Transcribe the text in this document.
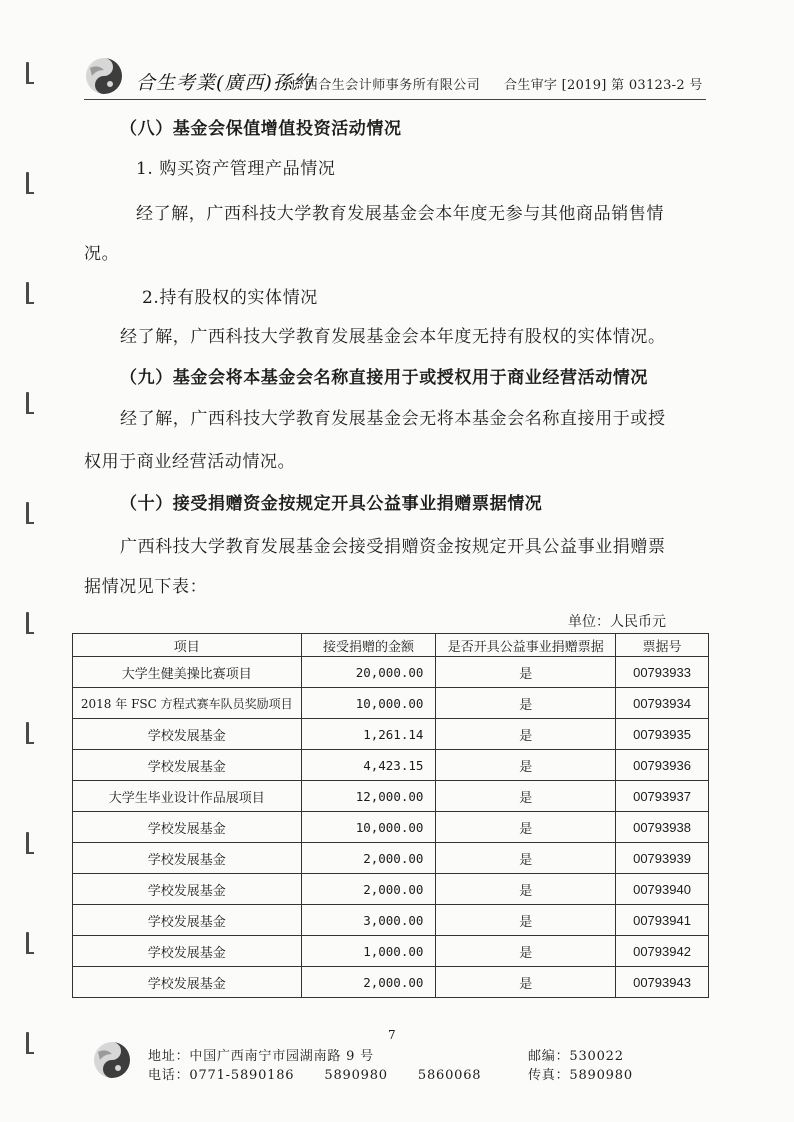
合生考業(廣西)孫約
· 广西合生会计师事务所有限公司 合生审字 [2019] 第 03123-2 号
（八）基金会保值增值投资活动情况
1. 购买资产管理产品情况
经了解，广西科技大学教育发展基金会本年度无参与其他商品销售情
况。
2.持有股权的实体情况
经了解，广西科技大学教育发展基金会本年度无持有股权的实体情况。
（九）基金会将本基金会名称直接用于或授权用于商业经营活动情况
经了解，广西科技大学教育发展基金会无将本基金会名称直接用于或授
权用于商业经营活动情况。
（十）接受捐赠资金按规定开具公益事业捐赠票据情况
广西科技大学教育发展基金会接受捐赠资金按规定开具公益事业捐赠票
据情况见下表：
单位：人民币元
项目	接受捐赠的金额	是否开具公益事业捐赠票据	票据号
大学生健美操比赛项目	20,000.00	是	00793933
2018 年 FSC 方程式赛车队员奖励项目	10,000.00	是	00793934
学校发展基金	1,261.14	是	00793935
学校发展基金	4,423.15	是	00793936
大学生毕业设计作品展项目	12,000.00	是	00793937
学校发展基金	10,000.00	是	00793938
学校发展基金	2,000.00	是	00793939
学校发展基金	2,000.00	是	00793940
学校发展基金	3,000.00	是	00793941
学校发展基金	1,000.00	是	00793942
学校发展基金	2,000.00	是	00793943
7
地址：中国广西南宁市园湖南路 9 号
电话：0771-5890186 5890980 5860068
邮编：530022
传真：5890980
